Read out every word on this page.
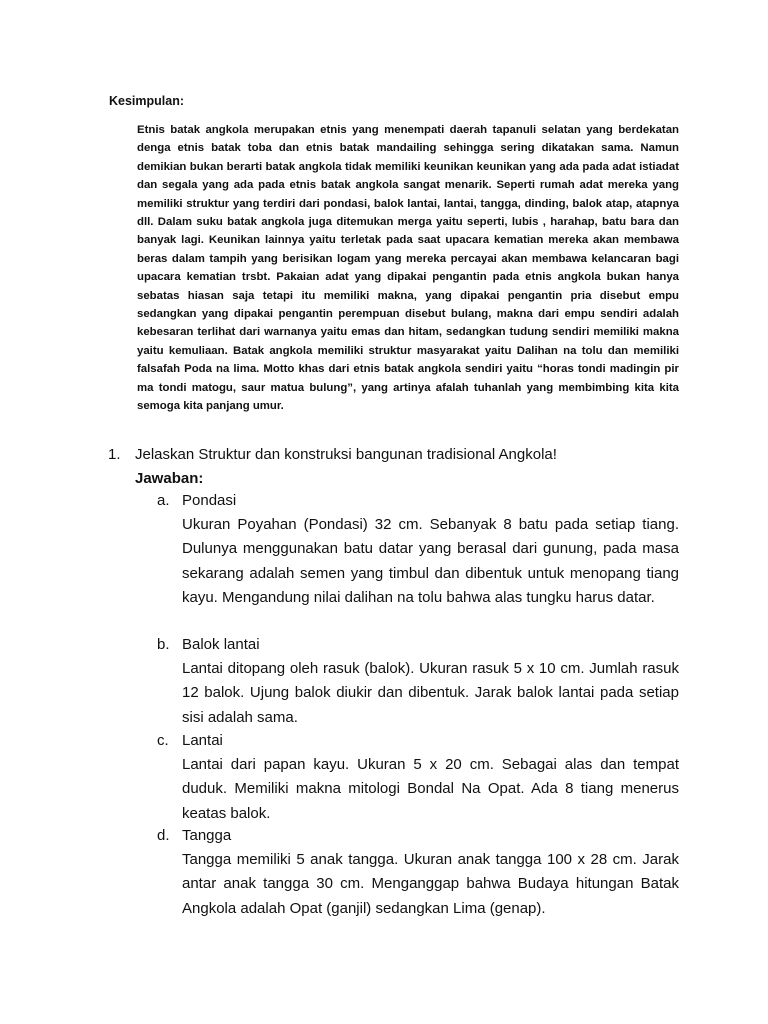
Kesimpulan:

Etnis batak angkola merupakan etnis yang menempati daerah tapanuli selatan yang berdekatan denga etnis batak toba dan etnis batak mandailing sehingga sering dikatakan sama. Namun demikian bukan berarti batak angkola tidak memiliki keunikan keunikan yang ada pada adat istiadat dan segala yang ada pada etnis batak angkola sangat menarik. Seperti rumah adat mereka yang memiliki struktur yang terdiri dari pondasi, balok lantai, lantai, tangga, dinding, balok atap, atapnya dll. Dalam suku batak angkola juga ditemukan merga yaitu seperti, lubis , harahap, batu bara dan banyak lagi. Keunikan lainnya yaitu terletak pada saat upacara kematian mereka akan membawa beras dalam tampih yang berisikan logam yang mereka percayai akan membawa kelancaran bagi upacara kematian trsbt. Pakaian adat yang dipakai pengantin pada etnis angkola bukan hanya sebatas hiasan saja tetapi itu memiliki makna, yang dipakai pengantin pria disebut empu sedangkan yang dipakai pengantin perempuan disebut bulang, makna dari empu sendiri adalah kebesaran terlihat dari warnanya yaitu emas dan hitam, sedangkan tudung sendiri memiliki makna yaitu kemuliaan. Batak angkola memiliki struktur masyarakat yaitu Dalihan na tolu dan memiliki falsafah Poda na lima. Motto khas dari etnis batak angkola sendiri yaitu “horas tondi madingin pir ma tondi matogu, saur matua bulung”, yang artinya afalah tuhanlah yang membimbing kita kita semoga kita panjang umur.

1. Jelaskan Struktur dan konstruksi bangunan tradisional Angkola!
Jawaban:
a. Pondasi

Ukuran Poyahan (Pondasi) 32 cm. Sebanyak 8 batu pada setiap tiang. Dulunya menggunakan batu datar yang berasal dari gunung, pada masa sekarang adalah semen yang timbul dan dibentuk untuk menopang tiang kayu. Mengandung nilai dalihan na tolu bahwa alas tungku harus datar.

b. Balok lantai

Lantai ditopang oleh rasuk (balok). Ukuran rasuk 5 x 10 cm. Jumlah rasuk 12 balok. Ujung balok diukir dan dibentuk. Jarak balok lantai pada setiap sisi adalah sama.

c. Lantai

Lantai dari papan kayu. Ukuran 5 x 20 cm. Sebagai alas dan tempat duduk. Memiliki makna mitologi Bondal Na Opat. Ada 8 tiang menerus keatas balok.

d. Tangga

Tangga memiliki 5 anak tangga. Ukuran anak tangga 100 x 28 cm. Jarak antar anak tangga 30 cm. Menganggap bahwa Budaya hitungan Batak Angkola adalah Opat (ganjil) sedangkan Lima (genap).
